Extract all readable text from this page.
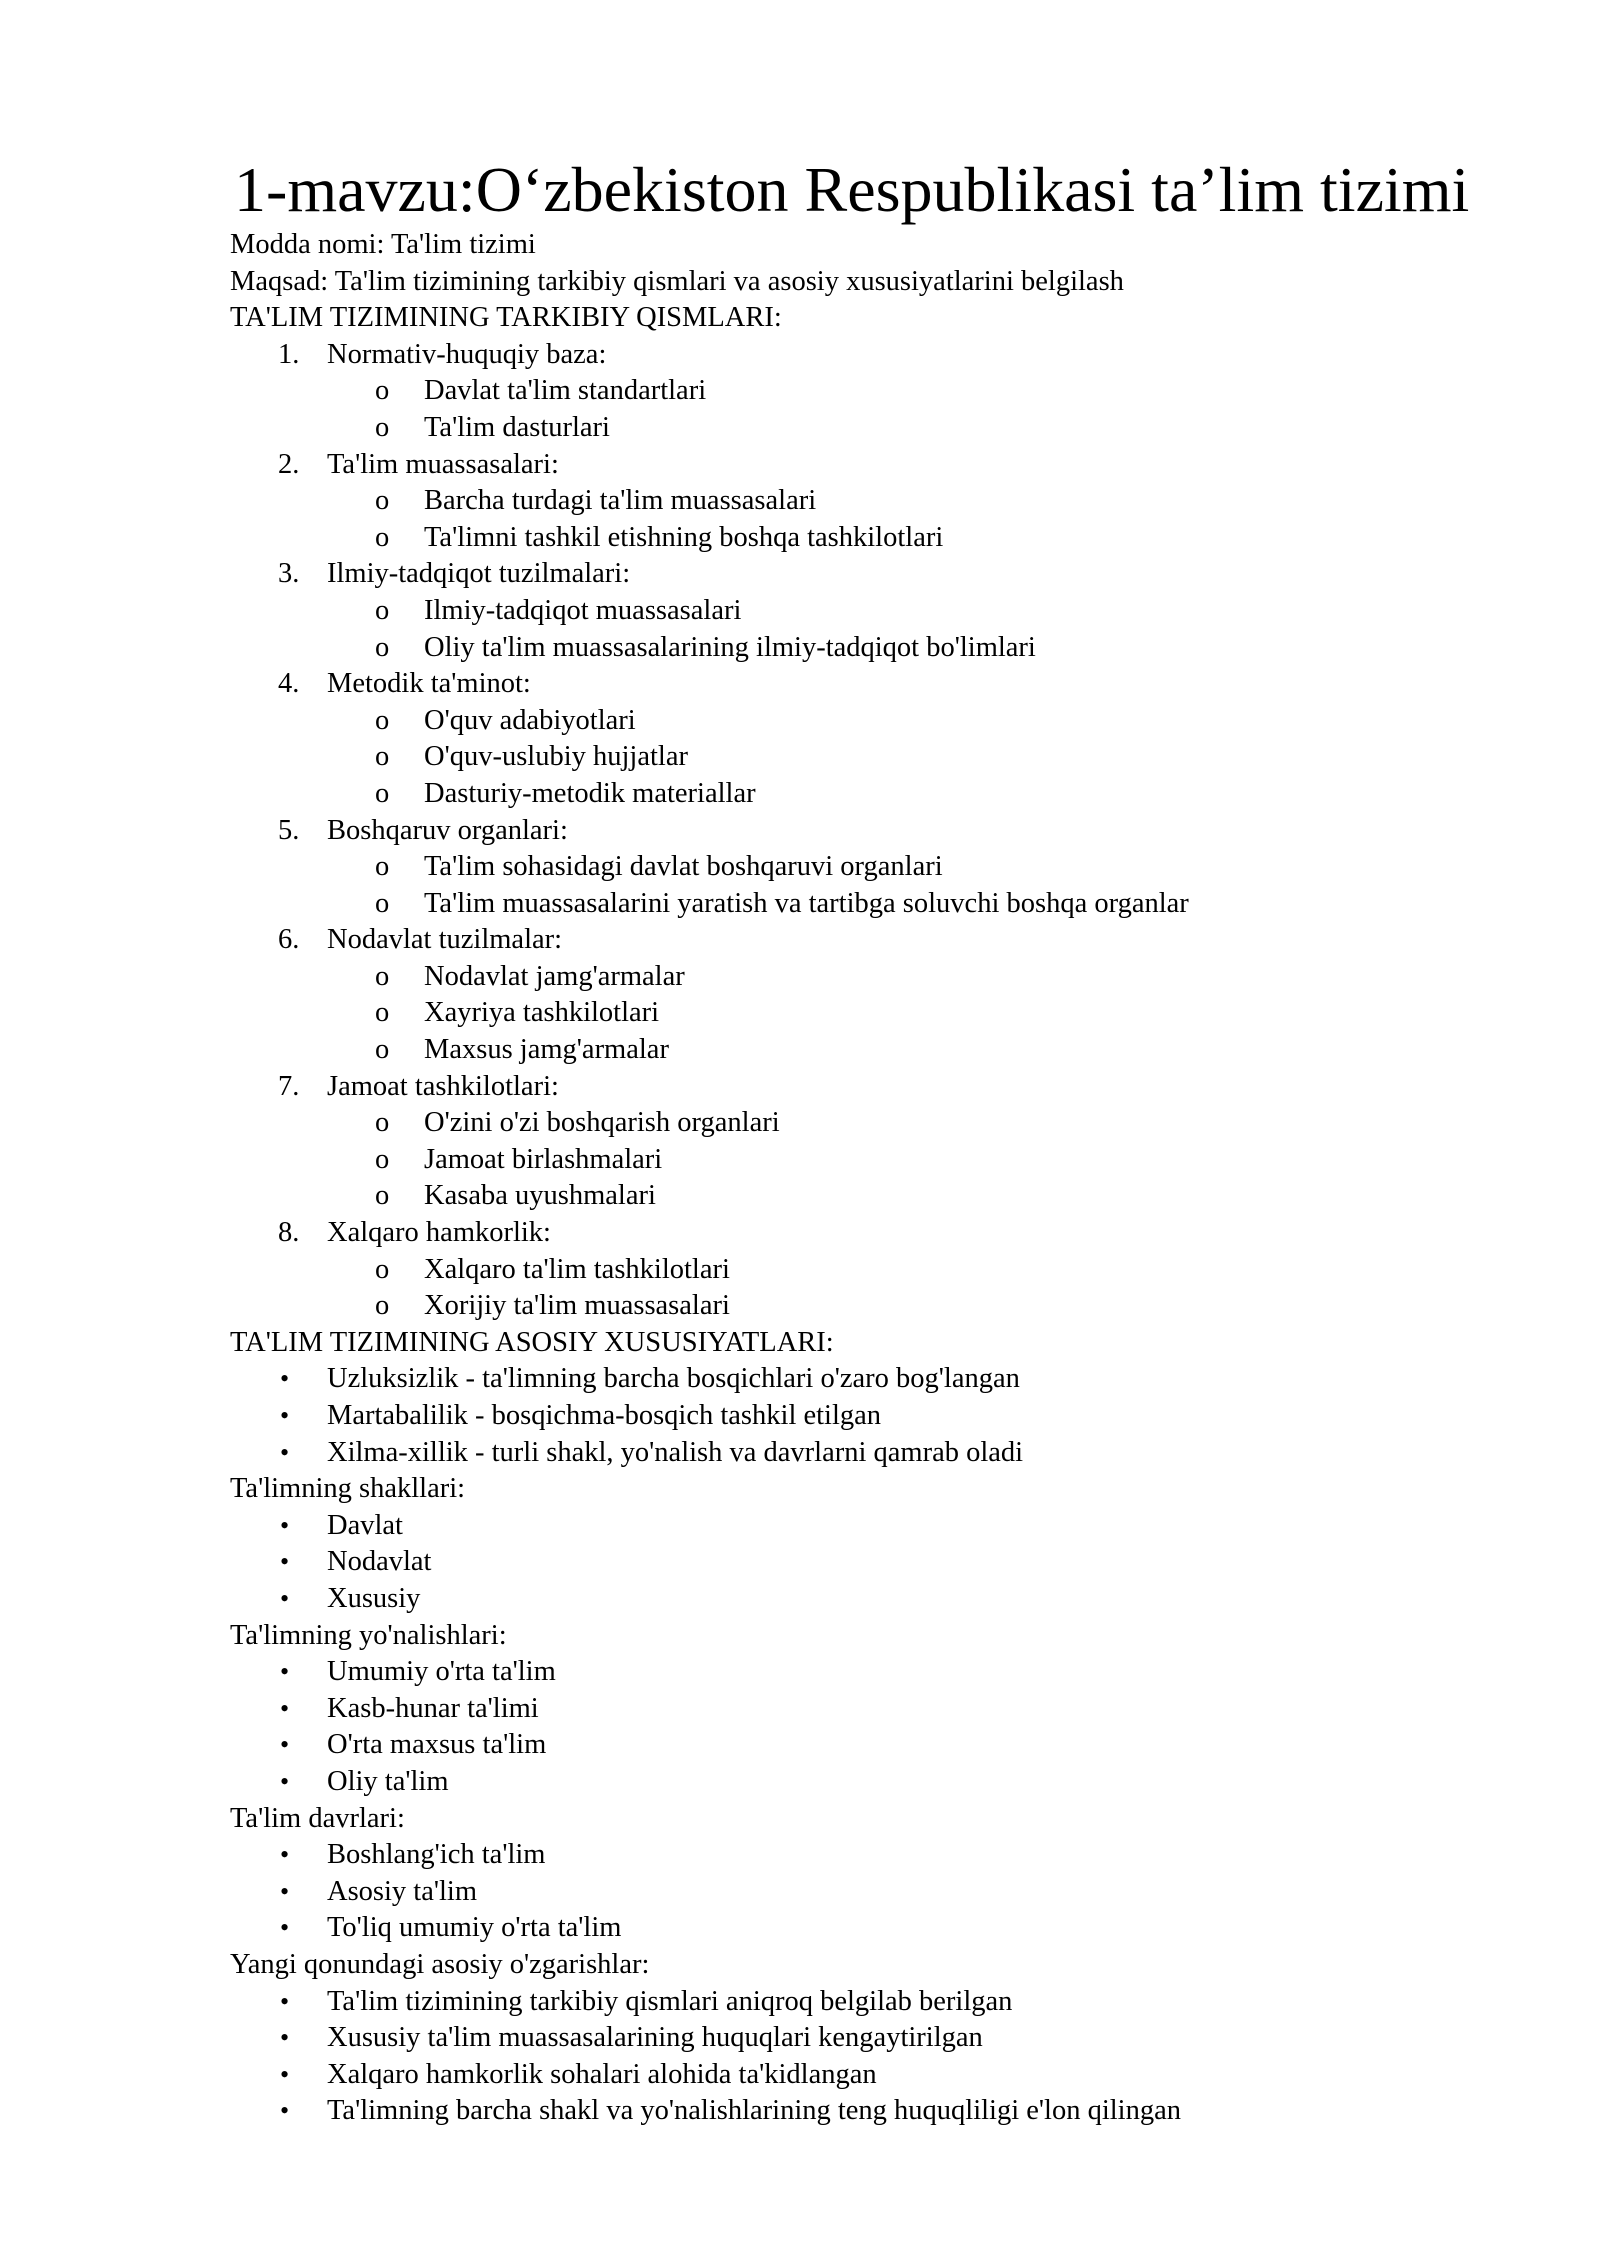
1-mavzu:O‘zbekiston Respublikasi ta’lim tizimi
Modda nomi: Ta'lim tizimi
Maqsad: Ta'lim tizimining tarkibiy qismlari va asosiy xususiyatlarini belgilash
TA'LIM TIZIMINING TARKIBIY QISMLARI:
1. Normativ-huquqiy baza:
o	Davlat ta'lim standartlari
o	Ta'lim dasturlari
2. Ta'lim muassasalari:
o	Barcha turdagi ta'lim muassasalari
o	Ta'limni tashkil etishning boshqa tashkilotlari
3. Ilmiy-tadqiqot tuzilmalari:
o	Ilmiy-tadqiqot muassasalari
o	Oliy ta'lim muassasalarining ilmiy-tadqiqot bo'limlari
4. Metodik ta'minot:
o	O'quv adabiyotlari
o	O'quv-uslubiy hujjatlar
o	Dasturiy-metodik materiallar
5. Boshqaruv organlari:
o	Ta'lim sohasidagi davlat boshqaruvi organlari
o	Ta'lim muassasalarini yaratish va tartibga soluvchi boshqa organlar
6. Nodavlat tuzilmalar:
o	Nodavlat jamg'armalar
o	Xayriya tashkilotlari
o	Maxsus jamg'armalar
7. Jamoat tashkilotlari:
o	O'zini o'zi boshqarish organlari
o	Jamoat birlashmalari
o	Kasaba uyushmalari
8. Xalqaro hamkorlik:
o	Xalqaro ta'lim tashkilotlari
o	Xorijiy ta'lim muassasalari
TA'LIM TIZIMINING ASOSIY XUSUSIYATLARI:
•	Uzluksizlik - ta'limning barcha bosqichlari o'zaro bog'langan
•	Martabalilik - bosqichma-bosqich tashkil etilgan
•	Xilma-xillik - turli shakl, yo'nalish va davrlarni qamrab oladi
Ta'limning shakllari:
•	Davlat
•	Nodavlat
•	Xususiy
Ta'limning yo'nalishlari:
•	Umumiy o'rta ta'lim
•	Kasb-hunar ta'limi
•	O'rta maxsus ta'lim
•	Oliy ta'lim
Ta'lim davrlari:
•	Boshlang'ich ta'lim
•	Asosiy ta'lim
•	To'liq umumiy o'rta ta'lim
Yangi qonundagi asosiy o'zgarishlar:
•	Ta'lim tizimining tarkibiy qismlari aniqroq belgilab berilgan
•	Xususiy ta'lim muassasalarining huquqlari kengaytirilgan
•	Xalqaro hamkorlik sohalari alohida ta'kidlangan
•	Ta'limning barcha shakl va yo'nalishlarining teng huquqliligi e'lon qilingan
